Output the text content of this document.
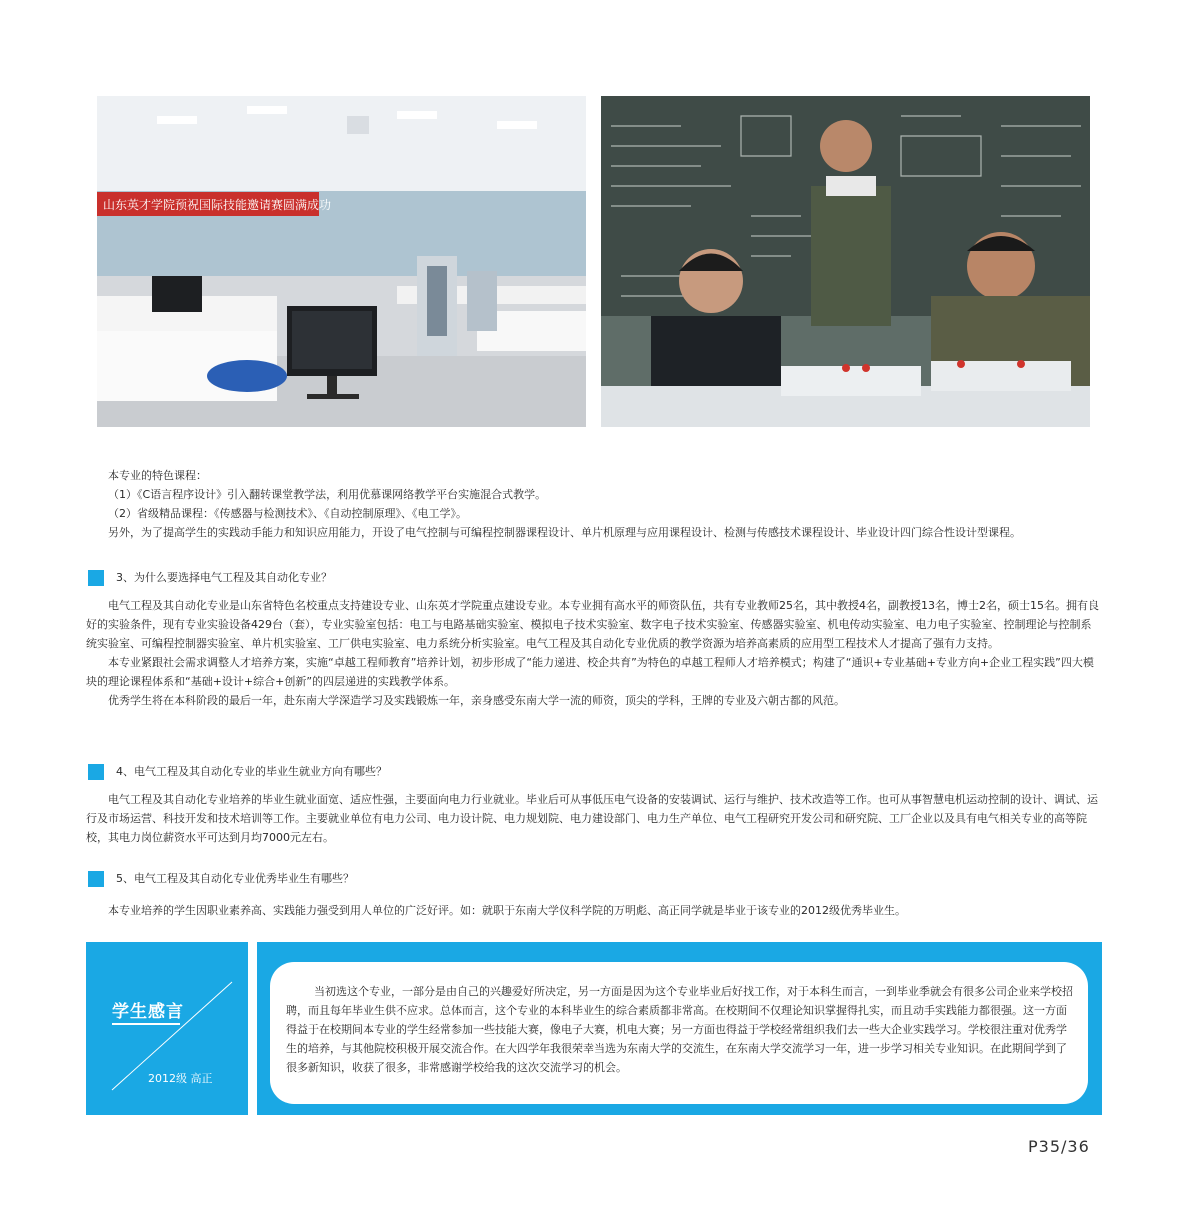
山东英才学院预祝国际技能邀请赛圆满成功

本专业的特色课程：

（1）《C语言程序设计》引入翻转课堂教学法，利用优慕课网络教学平台实施混合式教学。

（2）省级精品课程：《传感器与检测技术》、《自动控制原理》、《电工学》。

另外，为了提高学生的实践动手能力和知识应用能力，开设了电气控制与可编程控制器课程设计、单片机原理与应用课程设计、检测与传感技术课程设计、毕业设计四门综合性设计型课程。

3、为什么要选择电气工程及其自动化专业？

电气工程及其自动化专业是山东省特色名校重点支持建设专业、山东英才学院重点建设专业。本专业拥有高水平的师资队伍，共有专业教师25名，其中教授4名，副教授13名，博士2名，硕士15名。拥有良好的实验条件，现有专业实验设备429台（套），专业实验室包括：电工与电路基础实验室、模拟电子技术实验室、数字电子技术实验室、传感器实验室、机电传动实验室、电力电子实验室、控制理论与控制系统实验室、可编程控制器实验室、单片机实验室、工厂供电实验室、电力系统分析实验室。电气工程及其自动化专业优质的教学资源为培养高素质的应用型工程技术人才提高了强有力支持。

本专业紧跟社会需求调整人才培养方案，实施“卓越工程师教育”培养计划，初步形成了“能力递进、校企共育”为特色的卓越工程师人才培养模式；构建了“通识+专业基础+专业方向+企业工程实践”四大模块的理论课程体系和“基础+设计+综合+创新”的四层递进的实践教学体系。

优秀学生将在本科阶段的最后一年，赴东南大学深造学习及实践锻炼一年，亲身感受东南大学一流的师资，顶尖的学科，王牌的专业及六朝古都的风范。

4、电气工程及其自动化专业的毕业生就业方向有哪些？

电气工程及其自动化专业培养的毕业生就业面宽、适应性强，主要面向电力行业就业。毕业后可从事低压电气设备的安装调试、运行与维护、技术改造等工作。也可从事智慧电机运动控制的设计、调试、运行及市场运营、科技开发和技术培训等工作。主要就业单位有电力公司、电力设计院、电力规划院、电力建设部门、电力生产单位、电气工程研究开发公司和研究院、工厂企业以及具有电气相关专业的高等院校，其电力岗位薪资水平可达到月均7000元左右。

5、电气工程及其自动化专业优秀毕业生有哪些？

本专业培养的学生因职业素养高、实践能力强受到用人单位的广泛好评。如：就职于东南大学仪科学院的万明彪、高正同学就是毕业于该专业的2012级优秀毕业生。

学生感言
2012级 高正

当初选这个专业，一部分是由自己的兴趣爱好所决定，另一方面是因为这个专业毕业后好找工作，对于本科生而言，一到毕业季就会有很多公司企业来学校招聘，而且每年毕业生供不应求。总体而言，这个专业的本科毕业生的综合素质都非常高。在校期间不仅理论知识掌握得扎实，而且动手实践能力都很强。这一方面得益于在校期间本专业的学生经常参加一些技能大赛，像电子大赛，机电大赛；另一方面也得益于学校经常组织我们去一些大企业实践学习。学校很注重对优秀学生的培养，与其他院校积极开展交流合作。在大四学年我很荣幸当选为东南大学的交流生，在东南大学交流学习一年，进一步学习相关专业知识。在此期间学到了很多新知识，收获了很多，非常感谢学校给我的这次交流学习的机会。

P35/36
